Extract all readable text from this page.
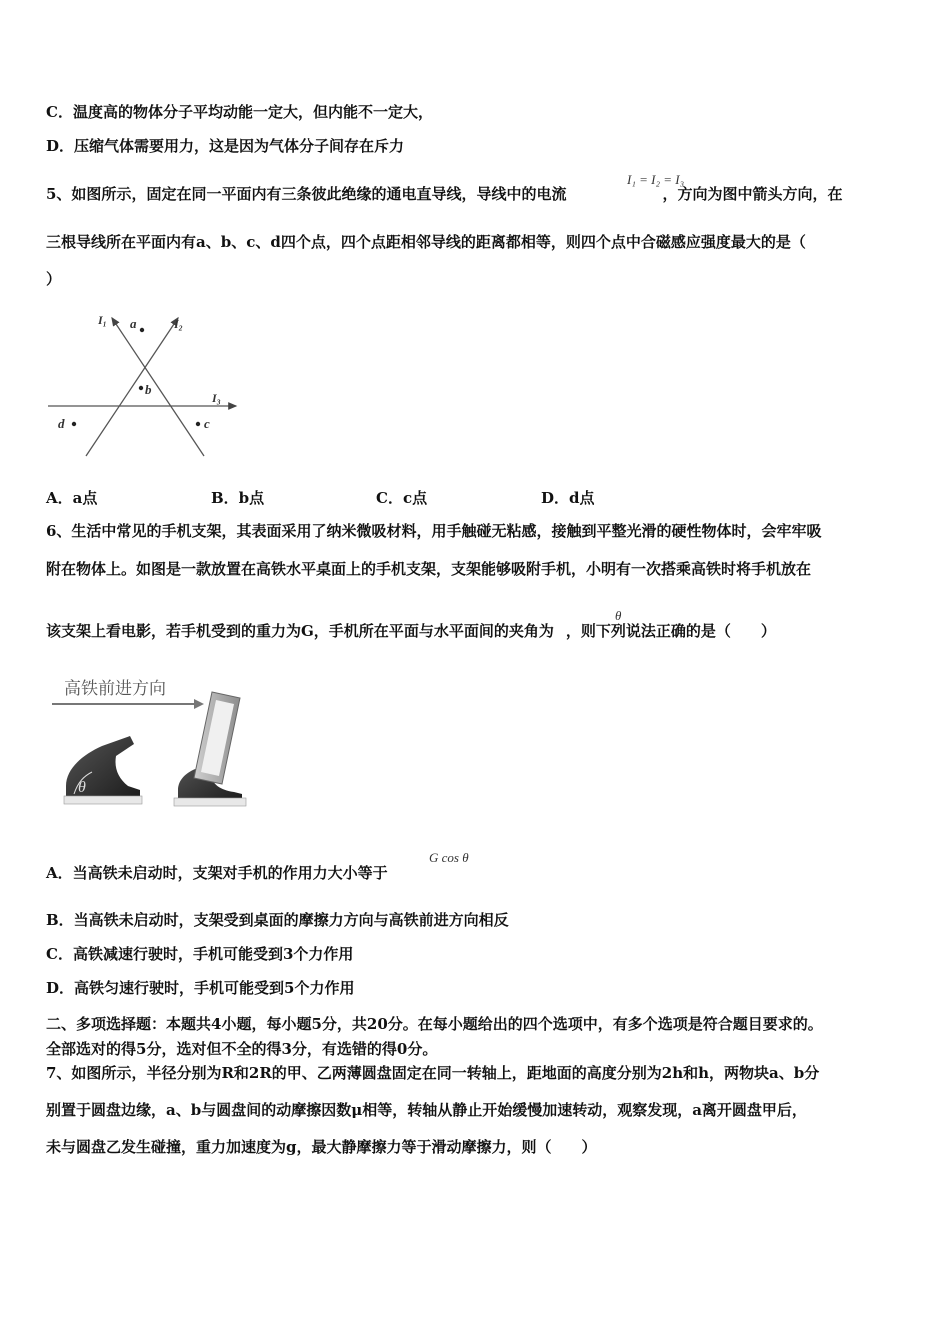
C．温度高的物体分子平均动能一定大，但内能不一定大，
D．压缩气体需要用力，这是因为气体分子间存在斥力
5、如图所示，固定在同一平面内有三条彼此绝缘的通电直导线，导线中的电流	，方向为图中箭头方向，在
I₁ = I₂ = I₃
三根导线所在平面内有a、b、c、d四个点，四个点距相邻导线的距离都相等，则四个点中合磁感应强度最大的是（
）
I₁	I₂
I₃
a
b
d	c
A．a点	B．b点	C．c点	D．d点
6、生活中常见的手机支架，其表面采用了纳米微吸材料，用手触碰无粘感，接触到平整光滑的硬性物体时，会牢牢吸
附在物体上。如图是一款放置在高铁水平桌面上的手机支架，支架能够吸附手机，小明有一次搭乘高铁时将手机放在
该支架上看电影，若手机受到的重力为G，手机所在平面与水平面间的夹角为 ，则下列说法正确的是（　　）
θ
高铁前进方向
θ
A．当高铁未启动时，支架对手机的作用力大小等于
G cos θ
B．当高铁未启动时，支架受到桌面的摩擦力方向与高铁前进方向相反
C．高铁减速行驶时，手机可能受到3个力作用
D．高铁匀速行驶时，手机可能受到5个力作用
二、多项选择题：本题共4小题，每小题5分，共20分。在每小题给出的四个选项中，有多个选项是符合题目要求的。
全部选对的得5分，选对但不全的得3分，有选错的得0分。
7、如图所示，半径分别为R和2R的甲、乙两薄圆盘固定在同一转轴上，距地面的高度分别为2h和h，两物块a、b分
别置于圆盘边缘，a、b与圆盘间的动摩擦因数μ相等，转轴从静止开始缓慢加速转动，观察发现，a离开圆盘甲后，
未与圆盘乙发生碰撞，重力加速度为g，最大静摩擦力等于滑动摩擦力，则（　　）
